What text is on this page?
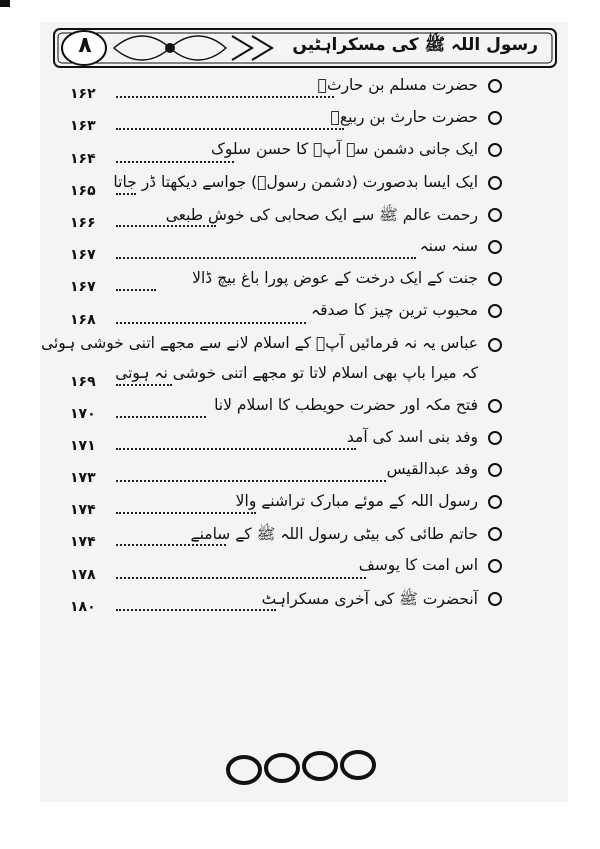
۸	رسول اللہ ﷺ کی مسکراہٹیں
حضرت مسلم بن حارثؓ
۱۶۲
حضرت حارث بن ربیعؓ
۱۶۳
ایک جانی دشمن سے آپؐ کا حسن سلوک
۱۶۴
ایک ایسا بدصورت (دشمن رسولؐ) جواسے دیکھتا ڈر جاتا
۱۶۵
رحمت عالم ﷺ سے ایک صحابی کی خوش طبعی
۱۶۶
سنہ سنہ
۱۶۷
جنت کے ایک درخت کے عوض پورا باغ بیچ ڈالا
۱۶۷
محبوب ترین چیز کا صدقہ
۱۶۸
عباس یہ نہ فرمائیں آپؐ کے اسلام لانے سے مجھے اتنی خوشی ہوئی
کہ میرا باپ بھی اسلام لاتا تو مجھے اتنی خوشی نہ ہوتی
۱۶۹
فتح مکہ اور حضرت حویطب کا اسلام لانا
۱۷۰
وفد بنی اسد کی آمد
۱۷۱
وفد عبدالقیس
۱۷۳
رسول اللہ کے موئے مبارک تراشنے والا
۱۷۴
حاتم طائی کی بیٹی رسول اللہ ﷺ کے سامنے
۱۷۴
اس امت کا یوسف
۱۷۸
آنحضرت ﷺ کی آخری مسکراہٹ
۱۸۰
